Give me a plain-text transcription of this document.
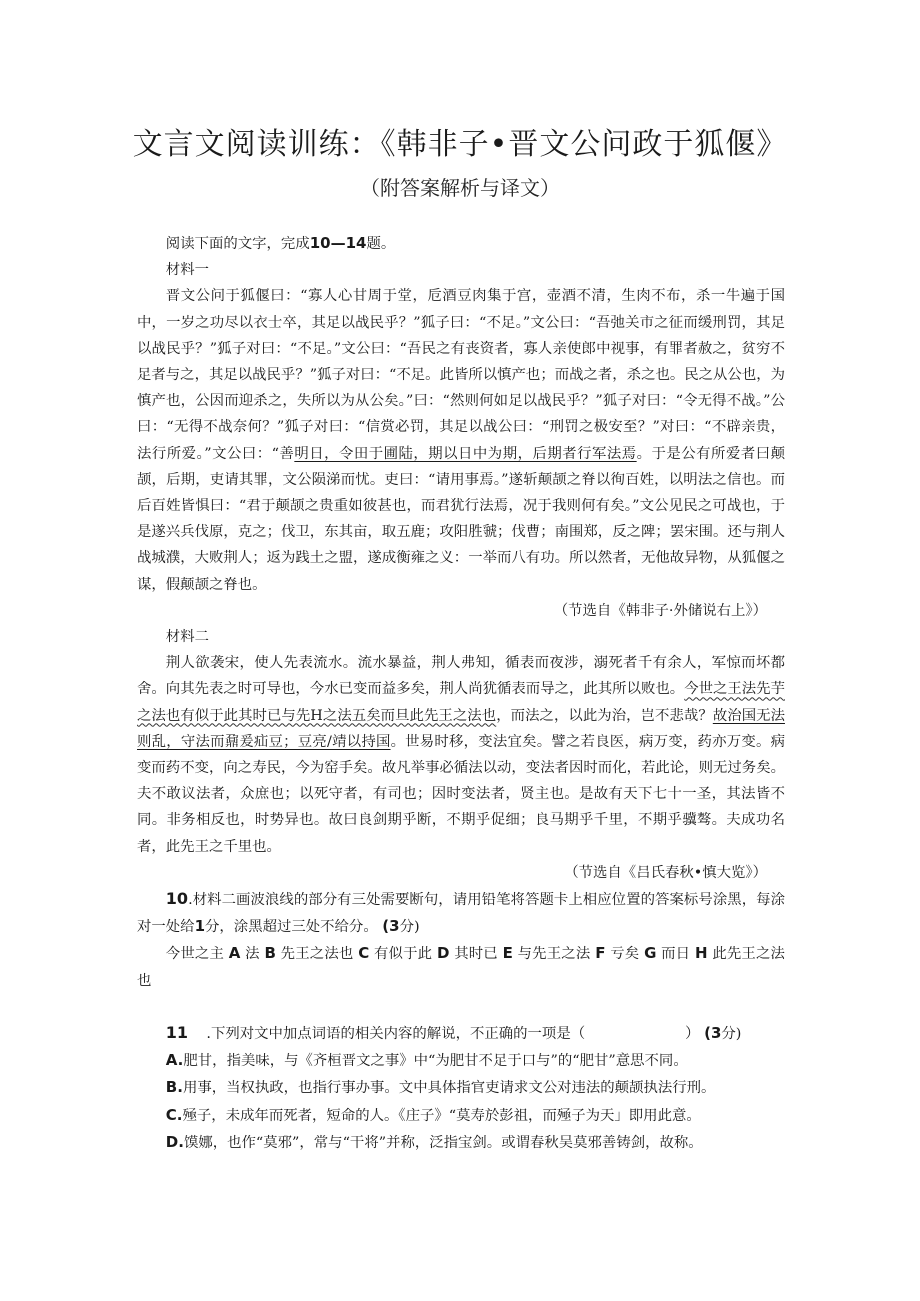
文言文阅读训练：《韩非子•晋文公问政于狐偃》
（附答案解析与译文）

阅读下面的文字，完成10—14题。

材料一

晋文公问于狐偃曰：“寡人心甘周于堂，卮酒豆肉集于宫，壶酒不清，生肉不布，杀一牛遍于国中，一岁之功尽以衣士卒，其足以战民乎？”狐子曰：“不足。”文公曰：“吾弛关市之征而缓刑罚，其足以战民乎？”狐子对曰：“不足。”文公曰：“吾民之有丧资者，寡人亲使郎中视事，有罪者赦之，贫穷不足者与之，其足以战民乎？”狐子对曰：“不足。此皆所以慎产也；而战之者，杀之也。民之从公也，为慎产也，公因而迎杀之，失所以为从公矣。”曰：“然则何如足以战民乎？”狐子对曰：“令无得不战。”公曰：“无得不战奈何？”狐子对曰：“信赏必罚，其足以战公曰：“刑罚之极安至？”对曰：“不辟亲贵，法行所爱。”文公曰：“善明日，令田于圃陆，期以日中为期，后期者行军法焉。于是公有所爱者曰颠颉，后期，吏请其罪，文公陨涕而忧。吏曰：“请用事焉。”遂斩颠颉之脊以徇百姓，以明法之信也。而后百姓皆惧曰：“君于颠颉之贵重如彼甚也，而君犹行法焉，况于我则何有矣。”文公见民之可战也，于是遂兴兵伐原，克之；伐卫，东其亩，取五鹿；攻阳胜虢；伐曹；南围郑，反之陴；罢宋围。还与荆人战城濮，大败荆人；返为践土之盟，遂成衡雍之义：一举而八有功。所以然者，无他故异物，从狐偃之谋，假颠颉之脊也。

（节选自《韩非子·外储说右上》）

材料二

荆人欲袭宋，使人先表流水。流水暴益，荆人弗知，循表而夜涉，溺死者千有余人，军惊而坏都舍。向其先表之时可导也，今水已变而益多矣，荆人尚犹循表而导之，此其所以败也。今世之王法先芋之法也有似于此其时已与先H之法五矣而旦此先王之法也，而法之，以此为治，岂不悲哉？故治国无法则乱，守法而鼐爰疝豆；豆亮/靖以持国。世易时移，变法宜矣。譬之若良医，病万变，药亦万变。病变而药不变，向之寿民，今为窑手矣。故凡举事必循法以动，变法者因时而化，若此论，则无过务矣。夫不敢议法者，众庶也；以死守者，有司也；因时变法者，贤主也。是故有天下七十一圣，其法皆不同。非务相反也，时势异也。故曰良剑期乎断，不期乎促细；良马期乎千里，不期乎骥骜。夫成功名者，此先王之千里也。

（节选自《吕氏春秋•慎大览》）

10.材料二画波浪线的部分有三处需要断句，请用铅笔将答题卡上相应位置的答案标号涂黑，每涂对一处给1分，涂黑超过三处不给分。 (3分)

今世之主 A 法 B 先王之法也 C 有似于此 D 其时已 E 与先王之法 F 亏矣 G 而日 H 此先王之法也

11 .下列对文中加点词语的相关内容的解说，不正确的一项是（	） (3分)

A.肥甘，指美味，与《齐桓晋文之事》中“为肥甘不足于口与”的“肥甘”意思不同。

B.用事，当权执政，也指行事办事。文中具体指官吏请求文公对违法的颠颉执法行刑。

C.殛子，未成年而死者，短命的人。《庄子》“莫寿於彭祖，而殛子为天」即用此意。

D.馍娜，也作“莫邪”，常与“干将”并称，泛指宝剑。或谓春秋吴莫邪善铸剑，故称。
